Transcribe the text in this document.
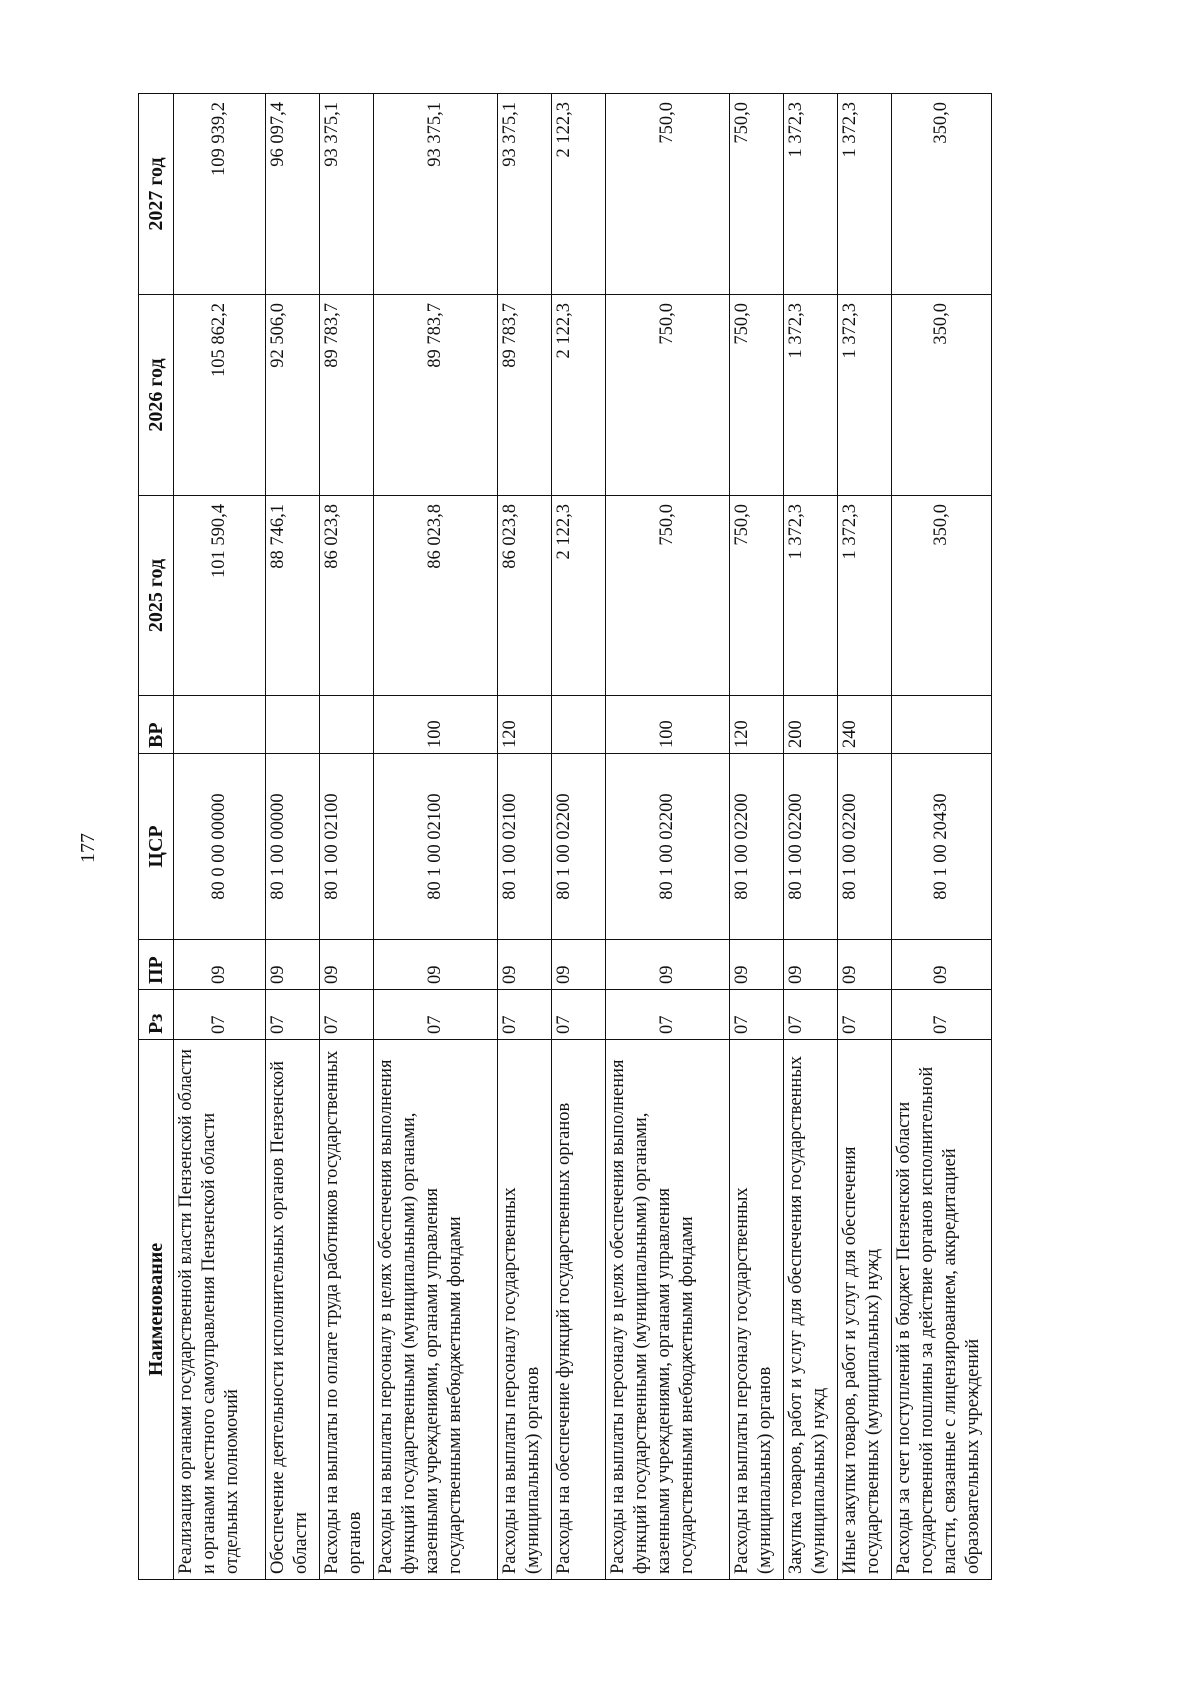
177
Наименование	Рз	ПР	ЦСР	ВР	2025 год	2026 год	2027 год
Реализация органами государственной власти Пензенской области и органами местного самоуправления Пензенской области отдельных полномочий	07	09	80 0 00 00000		101 590,4	105 862,2	109 939,2
Обеспечение деятельности исполнительных органов Пензенской области	07	09	80 1 00 00000		88 746,1	92 506,0	96 097,4
Расходы на выплаты по оплате труда работников государственных органов	07	09	80 1 00 02100		86 023,8	89 783,7	93 375,1
Расходы на выплаты персоналу в целях обеспечения выполнения функций государственными (муниципальными) органами, казенными учреждениями, органами управления государственными внебюджетными фондами	07	09	80 1 00 02100	100	86 023,8	89 783,7	93 375,1
Расходы на выплаты персоналу государственных (муниципальных) органов	07	09	80 1 00 02100	120	86 023,8	89 783,7	93 375,1
Расходы на обеспечение функций государственных органов	07	09	80 1 00 02200		2 122,3	2 122,3	2 122,3
Расходы на выплаты персоналу в целях обеспечения выполнения функций государственными (муниципальными) органами, казенными учреждениями, органами управления государственными внебюджетными фондами	07	09	80 1 00 02200	100	750,0	750,0	750,0
Расходы на выплаты персоналу государственных (муниципальных) органов	07	09	80 1 00 02200	120	750,0	750,0	750,0
Закупка товаров, работ и услуг для обеспечения государственных (муниципальных) нужд	07	09	80 1 00 02200	200	1 372,3	1 372,3	1 372,3
Иные закупки товаров, работ и услуг для обеспечения государственных (муниципальных) нужд	07	09	80 1 00 02200	240	1 372,3	1 372,3	1 372,3
Расходы за счет поступлений в бюджет Пензенской области государственной пошлины за действие органов исполнительной власти, связанные с лицензированием, аккредитацией образовательных учреждений	07	09	80 1 00 20430		350,0	350,0	350,0
